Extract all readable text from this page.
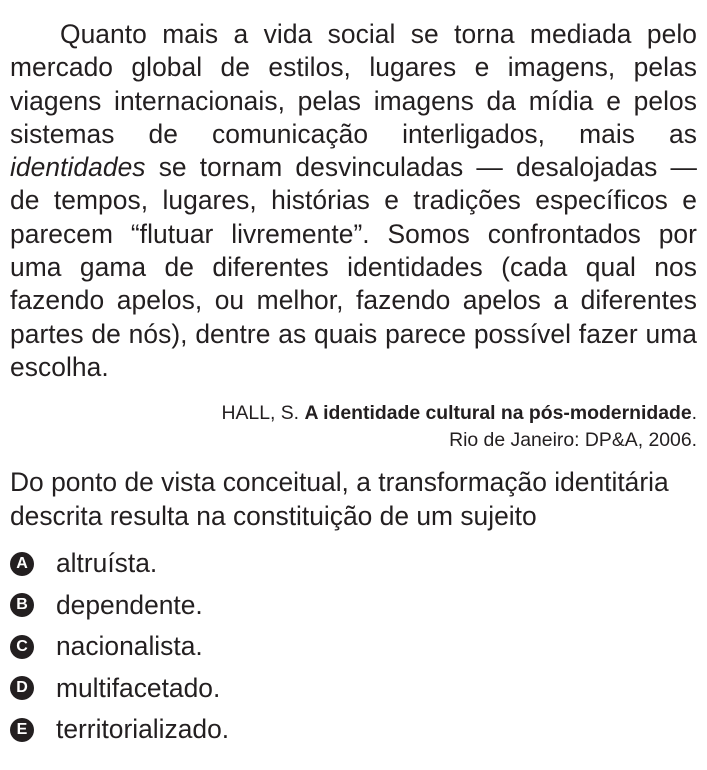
Quanto mais a vida social se torna mediada pelo mercado global de estilos, lugares e imagens, pelas viagens internacionais, pelas imagens da mídia e pelos sistemas de comunicação interligados, mais as identidades se tornam desvinculadas — desalojadas — de tempos, lugares, histórias e tradições específicos e parecem “flutuar livremente”. Somos confrontados por uma gama de diferentes identidades (cada qual nos fazendo apelos, ou melhor, fazendo apelos a diferentes partes de nós), dentre as quais parece possível fazer uma escolha.

HALL, S. A identidade cultural na pós-modernidade.
Rio de Janeiro: DP&A, 2006.
Do ponto de vista conceitual, a transformação identitária descrita resulta na constituição de um sujeito
A altruísta.
B dependente.
C nacionalista.
D multifacetado.
E territorializado.
